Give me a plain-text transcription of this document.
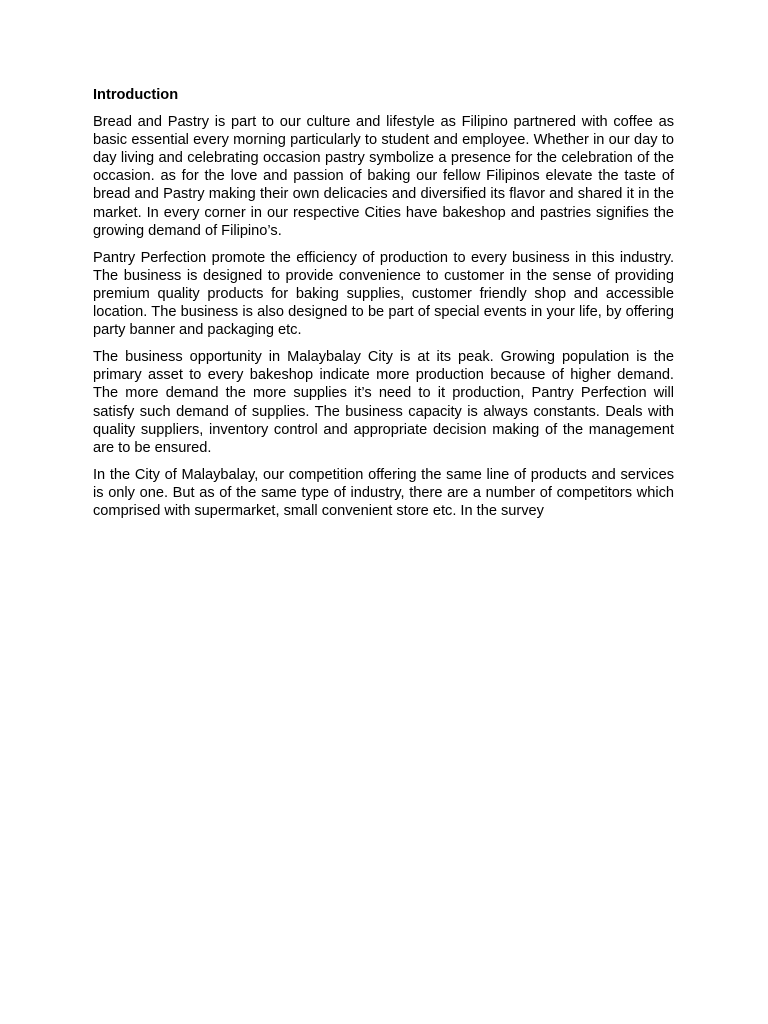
Introduction

Bread and Pastry is part to our culture and lifestyle as Filipino partnered with coffee as basic essential every morning particularly to student and employee. Whether in our day to day living and celebrating occasion pastry symbolize a presence for the celebration of the occasion. as for the love and passion of baking our fellow Filipinos elevate the taste of bread and Pastry making their own delicacies and diversified its flavor and shared it in the market. In every corner in our respective Cities have bakeshop and pastries signifies the growing demand of Filipino’s.

Pantry Perfection promote the efficiency of production to every business in this industry. The business is designed to provide convenience to customer in the sense of providing premium quality products for baking supplies, customer friendly shop and accessible location. The business is also designed to be part of special events in your life, by offering party banner and packaging etc.

The business opportunity in Malaybalay City is at its peak. Growing population is the primary asset to every bakeshop indicate more production because of higher demand. The more demand the more supplies it’s need to it production, Pantry Perfection will satisfy such demand of supplies. The business capacity is always constants. Deals with quality suppliers, inventory control and appropriate decision making of the management are to be ensured.

In the City of Malaybalay, our competition offering the same line of products and services is only one. But as of the same type of industry, there are a number of competitors which comprised with supermarket, small convenient store etc. In the survey
